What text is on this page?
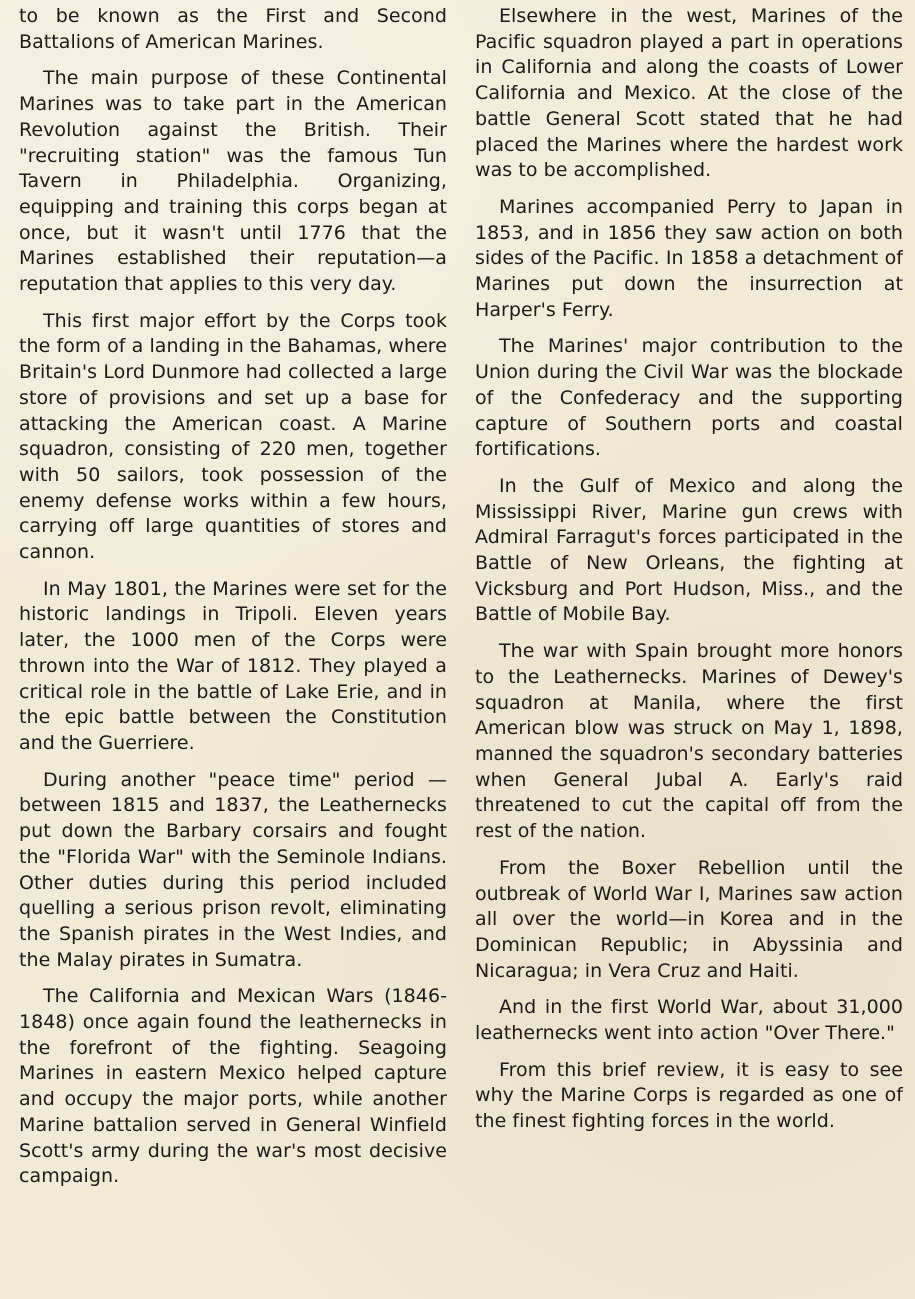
to be known as the First and Second Battalions of American Marines.

The main purpose of these Continental Marines was to take part in the American Revolution against the British. Their "recruiting station" was the famous Tun Tavern in Philadelphia. Organizing, equipping and training this corps began at once, but it wasn't until 1776 that the Marines established their reputation—a reputation that applies to this very day.

This first major effort by the Corps took the form of a landing in the Bahamas, where Britain's Lord Dunmore had collected a large store of provisions and set up a base for attacking the American coast. A Marine squadron, consisting of 220 men, together with 50 sailors, took possession of the enemy defense works within a few hours, carrying off large quantities of stores and cannon.

In May 1801, the Marines were set for the historic landings in Tripoli. Eleven years later, the 1000 men of the Corps were thrown into the War of 1812. They played a critical role in the battle of Lake Erie, and in the epic battle between the Constitution and the Guerriere.

During another "peace time" period —between 1815 and 1837, the Leathernecks put down the Barbary corsairs and fought the "Florida War" with the Seminole Indians. Other duties during this period included quelling a serious prison revolt, eliminating the Spanish pirates in the West Indies, and the Malay pirates in Sumatra.

The California and Mexican Wars (1846-1848) once again found the leathernecks in the forefront of the fighting. Seagoing Marines in eastern Mexico helped capture and occupy the major ports, while another Marine battalion served in General Winfield Scott's army during the war's most decisive campaign.

Elsewhere in the west, Marines of the Pacific squadron played a part in operations in California and along the coasts of Lower California and Mexico. At the close of the battle General Scott stated that he had placed the Marines where the hardest work was to be accomplished.

Marines accompanied Perry to Japan in 1853, and in 1856 they saw action on both sides of the Pacific. In 1858 a detachment of Marines put down the insurrection at Harper's Ferry.

The Marines' major contribution to the Union during the Civil War was the blockade of the Confederacy and the supporting capture of Southern ports and coastal fortifications.

In the Gulf of Mexico and along the Mississippi River, Marine gun crews with Admiral Farragut's forces participated in the Battle of New Orleans, the fighting at Vicksburg and Port Hudson, Miss., and the Battle of Mobile Bay.

The war with Spain brought more honors to the Leathernecks. Marines of Dewey's squadron at Manila, where the first American blow was struck on May 1, 1898, manned the squadron's secondary batteries when General Jubal A. Early's raid threatened to cut the capital off from the rest of the nation.

From the Boxer Rebellion until the outbreak of World War I, Marines saw action all over the world—in Korea and in the Dominican Republic; in Abyssinia and Nicaragua; in Vera Cruz and Haiti.

And in the first World War, about 31,000 leathernecks went into action "Over There."

From this brief review, it is easy to see why the Marine Corps is regarded as one of the finest fighting forces in the world.
